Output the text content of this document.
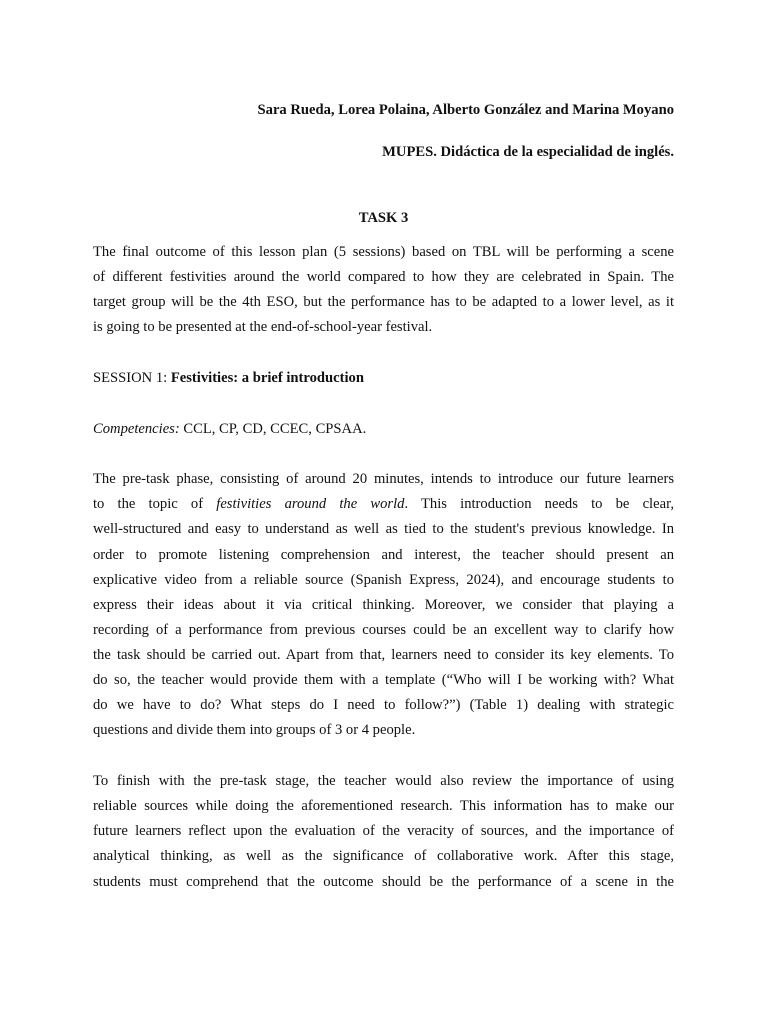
Sara Rueda, Lorea Polaina, Alberto González and Marina Moyano
MUPES. Didáctica de la especialidad de inglés.
TASK 3
The final outcome of this lesson plan (5 sessions) based on TBL will be performing a scene
of different festivities around the world compared to how they are celebrated in Spain. The
target group will be the 4th ESO, but the performance has to be adapted to a lower level, as it
is going to be presented at the end-of-school-year festival.
SESSION 1: Festivities: a brief introduction
Competencies: CCL, CP, CD, CCEC, CPSAA.
The pre-task phase, consisting of around 20 minutes, intends to introduce our future learners
to the topic of festivities around the world. This introduction needs to be clear,
well-structured and easy to understand as well as tied to the student's previous knowledge. In
order to promote listening comprehension and interest, the teacher should present an
explicative video from a reliable source (Spanish Express, 2024), and encourage students to
express their ideas about it via critical thinking. Moreover, we consider that playing a
recording of a performance from previous courses could be an excellent way to clarify how
the task should be carried out. Apart from that, learners need to consider its key elements. To
do so, the teacher would provide them with a template (“Who will I be working with? What
do we have to do? What steps do I need to follow?”) (Table 1) dealing with strategic
questions and divide them into groups of 3 or 4 people.
To finish with the pre-task stage, the teacher would also review the importance of using
reliable sources while doing the aforementioned research. This information has to make our
future learners reflect upon the evaluation of the veracity of sources, and the importance of
analytical thinking, as well as the significance of collaborative work. After this stage,
students must comprehend that the outcome should be the performance of a scene in the
